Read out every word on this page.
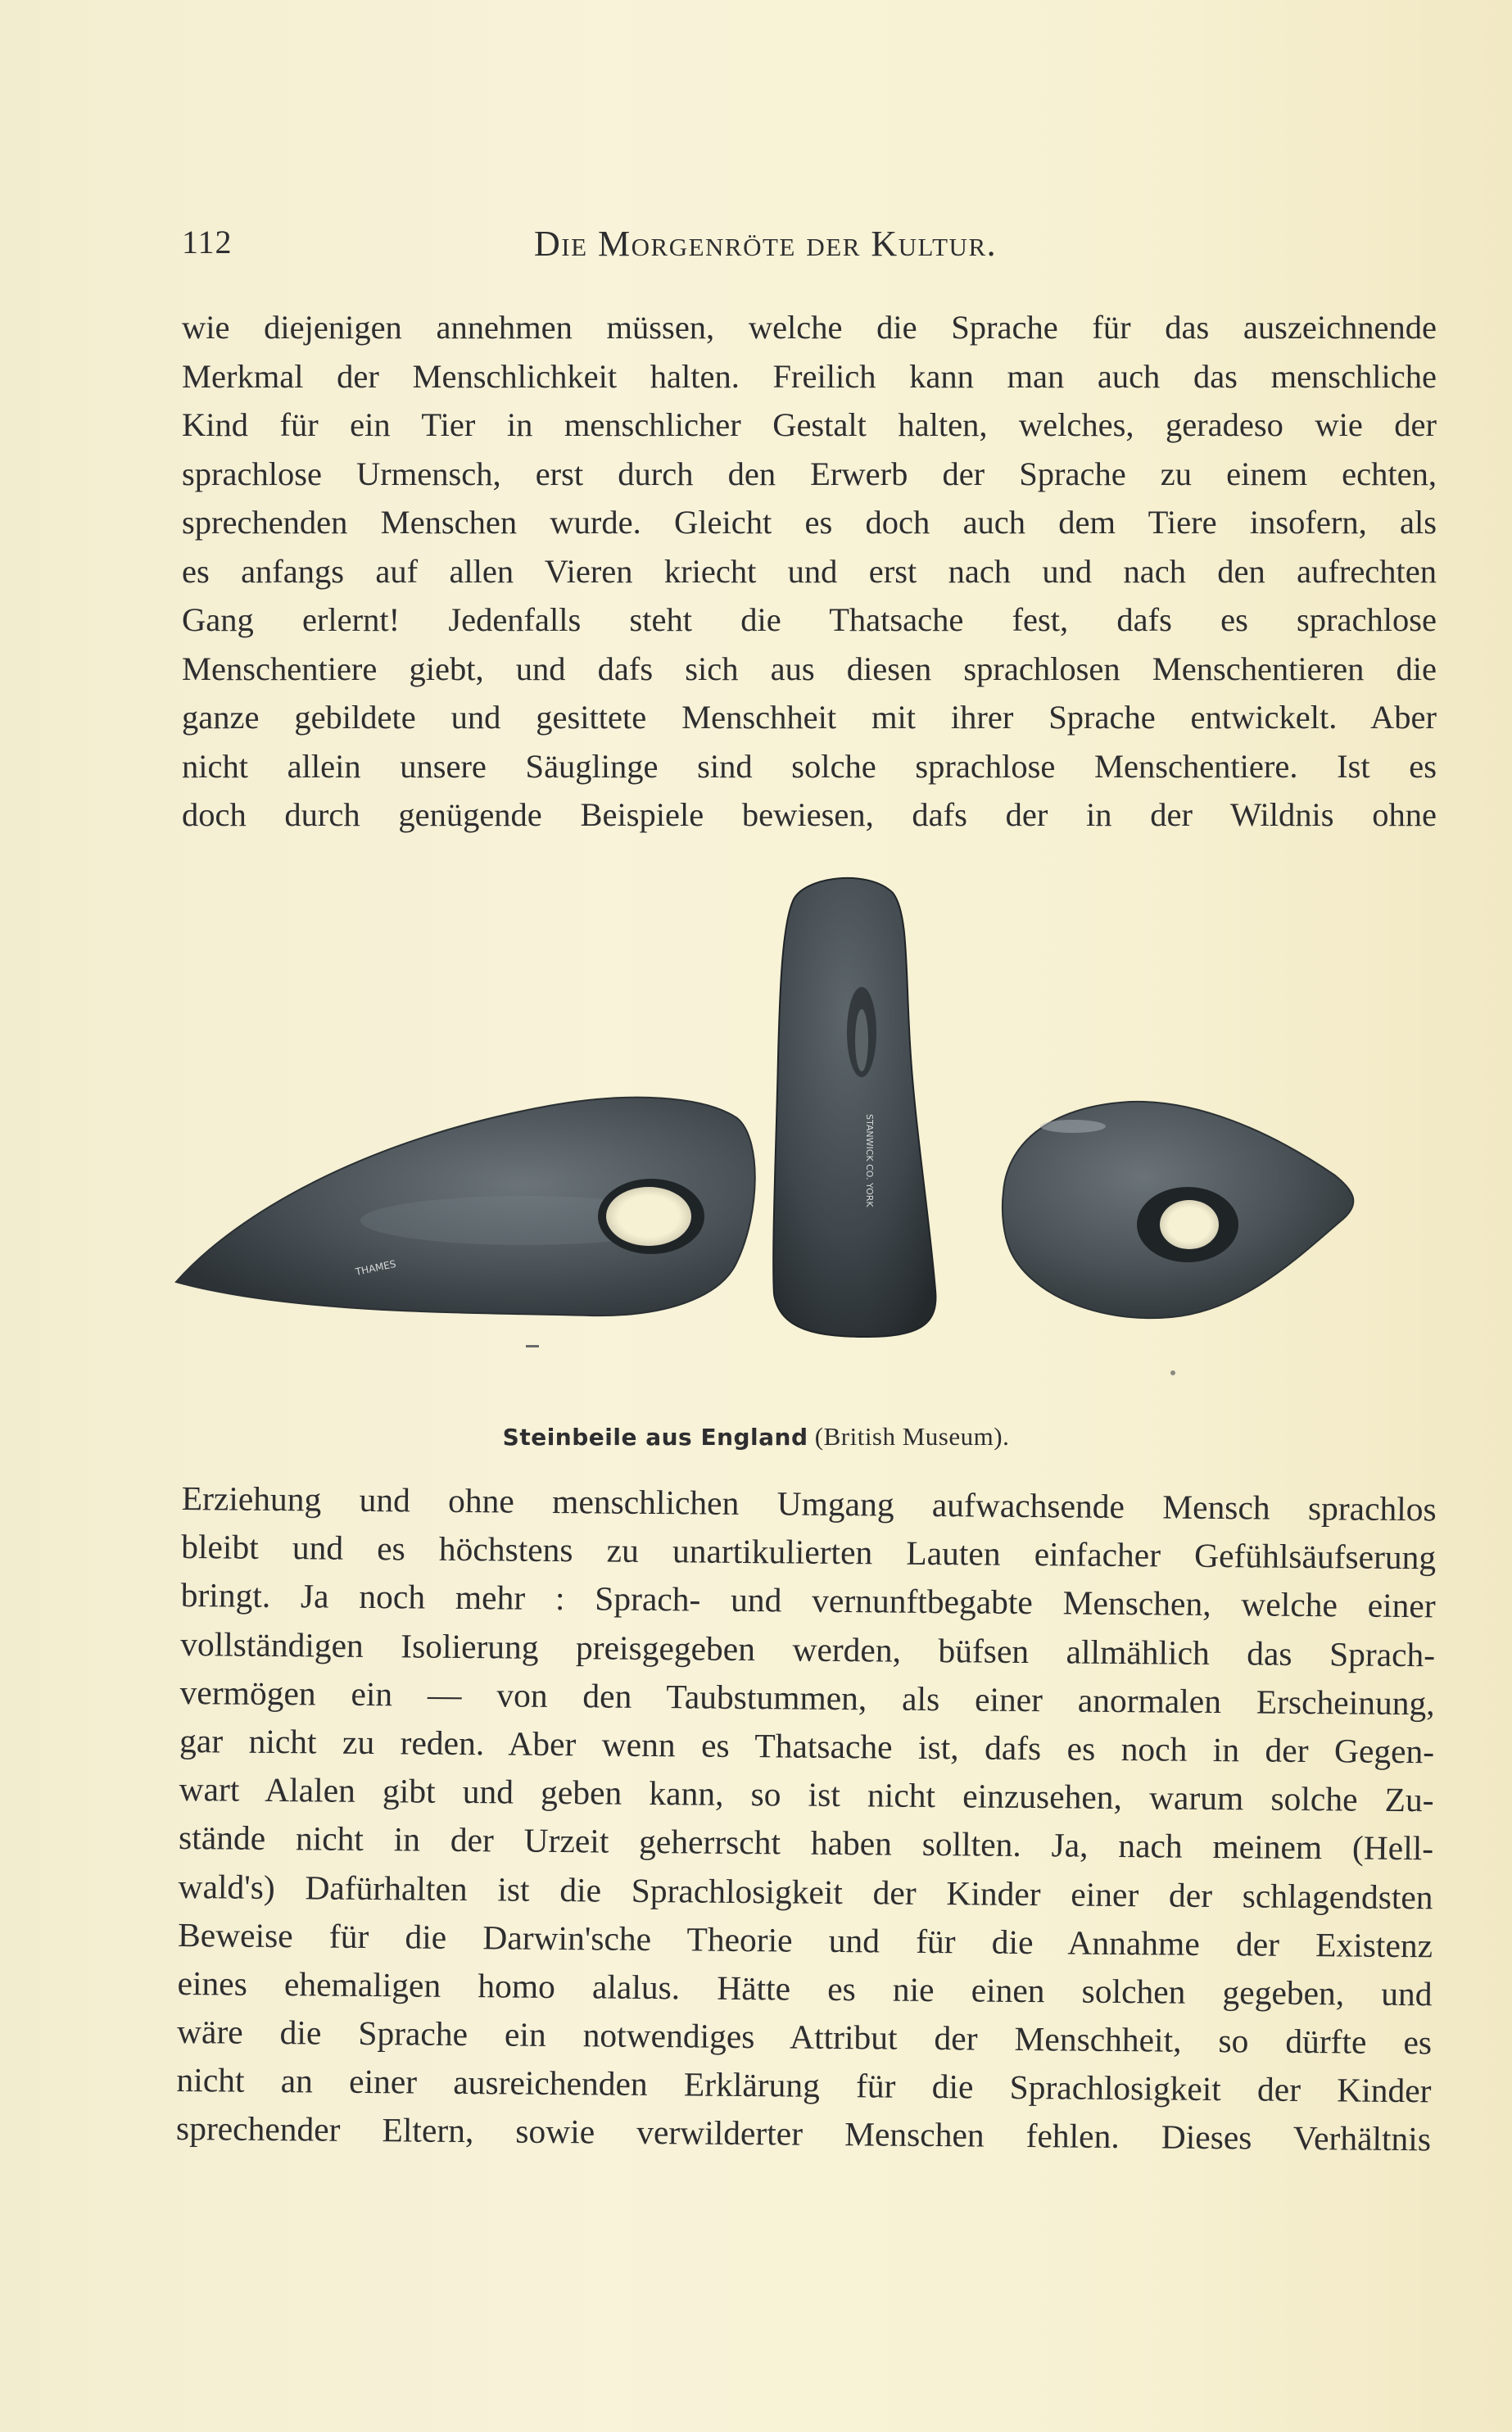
112	Die Morgenröte der Kultur.
wie diejenigen annehmen müssen, welche die Sprache für das auszeichnende
Merkmal der Menschlichkeit halten. Freilich kann man auch das menschliche
Kind für ein Tier in menschlicher Gestalt halten, welches, geradeso wie der
sprachlose Urmensch, erst durch den Erwerb der Sprache zu einem echten,
sprechenden Menschen wurde. Gleicht es doch auch dem Tiere insofern, als
es anfangs auf allen Vieren kriecht und erst nach und nach den aufrechten
Gang erlernt! Jedenfalls steht die Thatsache fest, dafs es sprachlose
Menschentiere giebt, und dafs sich aus diesen sprachlosen Menschentieren die
ganze gebildete und gesittete Menschheit mit ihrer Sprache entwickelt. Aber
nicht allein unsere Säuglinge sind solche sprachlose Menschentiere. Ist es
doch durch genügende Beispiele bewiesen, dafs der in der Wildnis ohne
THAMES
STANWICK CO. YORK
Steinbeile aus England (British Museum).
Erziehung und ohne menschlichen Umgang aufwachsende Mensch sprachlos
bleibt und es höchstens zu unartikulierten Lauten einfacher Gefühlsäufserung
bringt. Ja noch mehr : Sprach- und vernunftbegabte Menschen, welche einer
vollständigen Isolierung preisgegeben werden, büfsen allmählich das Sprach-
vermögen ein — von den Taubstummen, als einer anormalen Erscheinung,
gar nicht zu reden. Aber wenn es Thatsache ist, dafs es noch in der Gegen-
wart Alalen gibt und geben kann, so ist nicht einzusehen, warum solche Zu-
stände nicht in der Urzeit geherrscht haben sollten. Ja, nach meinem (Hell-
wald's) Dafürhalten ist die Sprachlosigkeit der Kinder einer der schlagendsten
Beweise für die Darwin'sche Theorie und für die Annahme der Existenz
eines ehemaligen homo alalus. Hätte es nie einen solchen gegeben, und
wäre die Sprache ein notwendiges Attribut der Menschheit, so dürfte es
nicht an einer ausreichenden Erklärung für die Sprachlosigkeit der Kinder
sprechender Eltern, sowie verwilderter Menschen fehlen. Dieses Verhältnis
